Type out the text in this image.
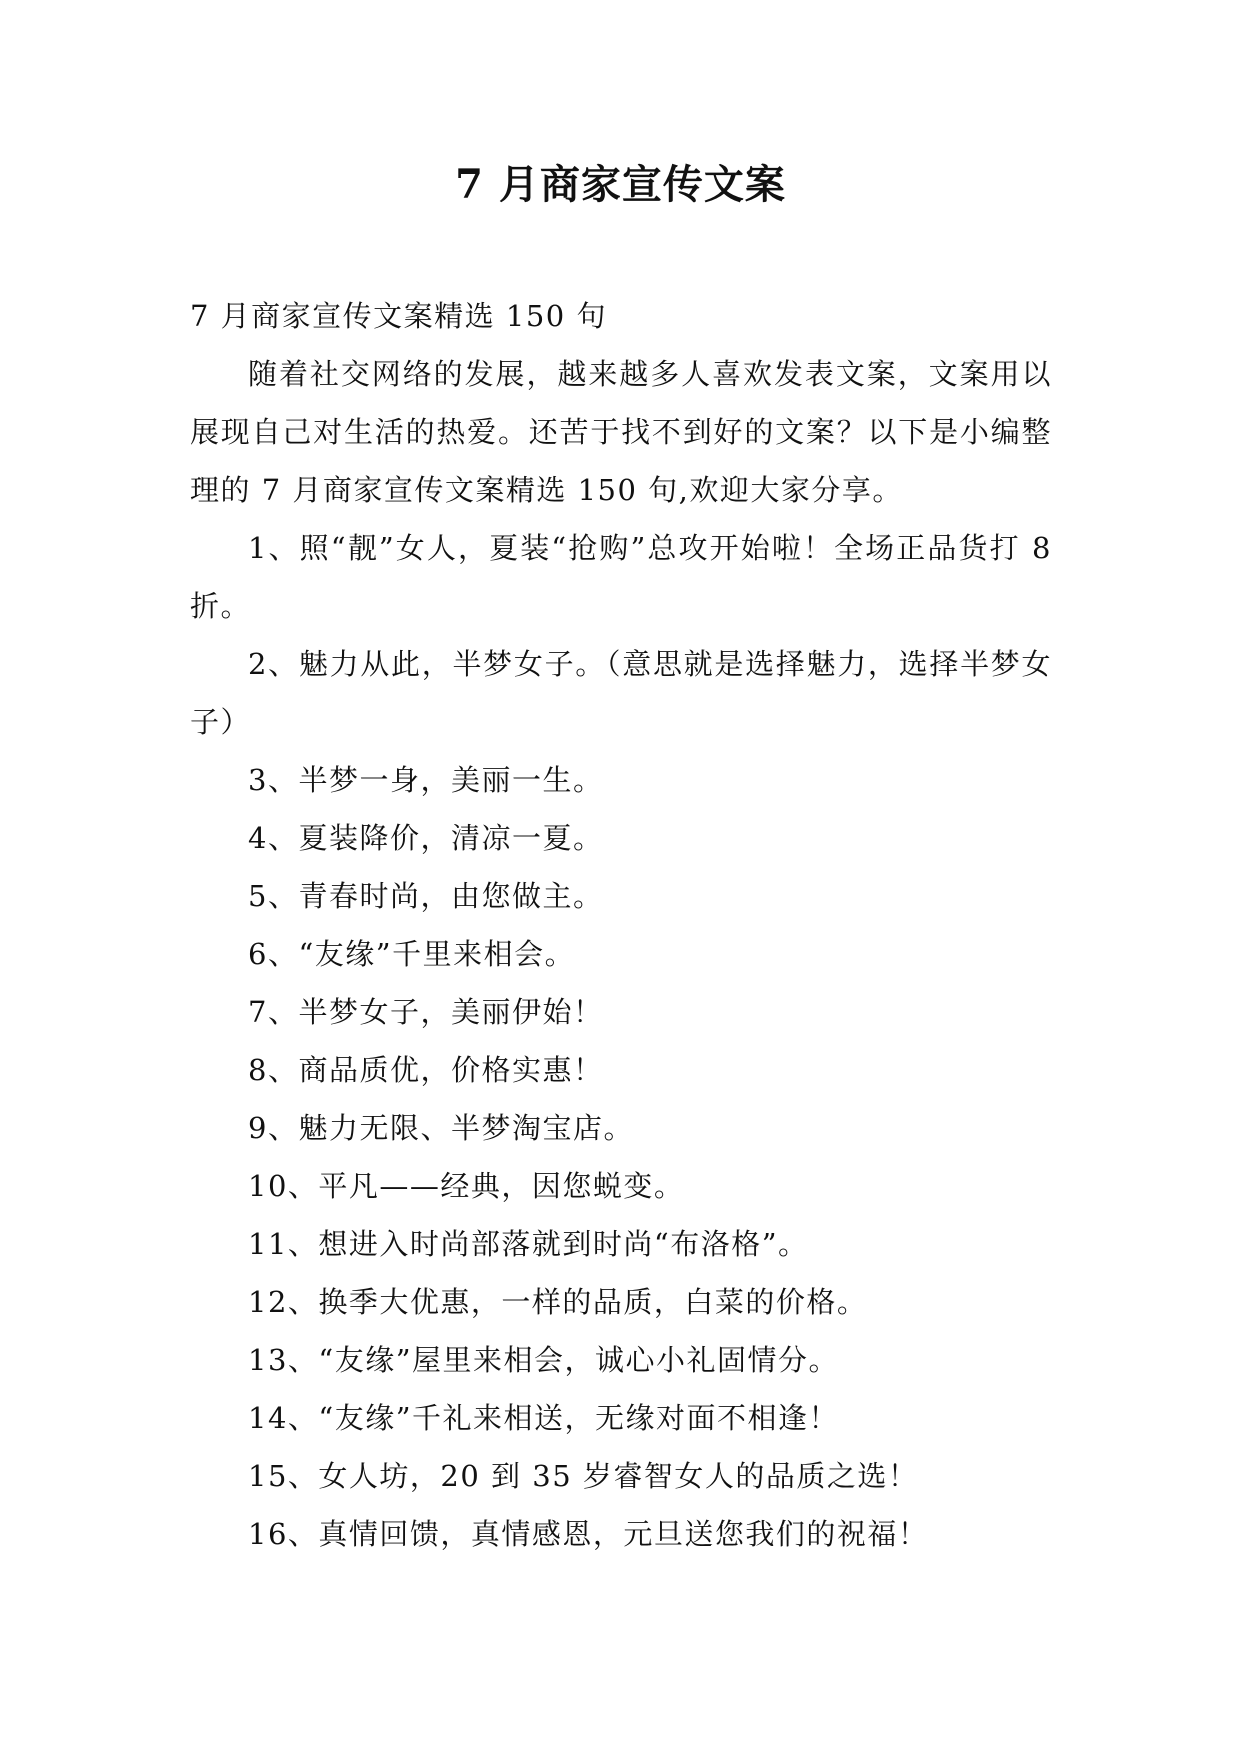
7 月商家宣传文案

7 月商家宣传文案精选 150 句

随着社交网络的发展，越来越多人喜欢发表文案，文案用以展现自己对生活的热爱。还苦于找不到好的文案？以下是小编整理的 7 月商家宣传文案精选 150 句,欢迎大家分享。

1、照“靓”女人，夏装“抢购”总攻开始啦！全场正品货打 8 折。

2、魅力从此，半梦女子。（意思就是选择魅力，选择半梦女子）

3、半梦一身，美丽一生。

4、夏装降价，清凉一夏。

5、青春时尚，由您做主。

6、“友缘”千里来相会。

7、半梦女子，美丽伊始！

8、商品质优，价格实惠！

9、魅力无限、半梦淘宝店。

10、平凡——经典，因您蜕变。

11、想进入时尚部落就到时尚“布洛格”。

12、换季大优惠，一样的品质，白菜的价格。

13、“友缘”屋里来相会，诚心小礼固情分。

14、“友缘”千礼来相送，无缘对面不相逢！

15、女人坊，20 到 35 岁睿智女人的品质之选！

16、真情回馈，真情感恩，元旦送您我们的祝福！
